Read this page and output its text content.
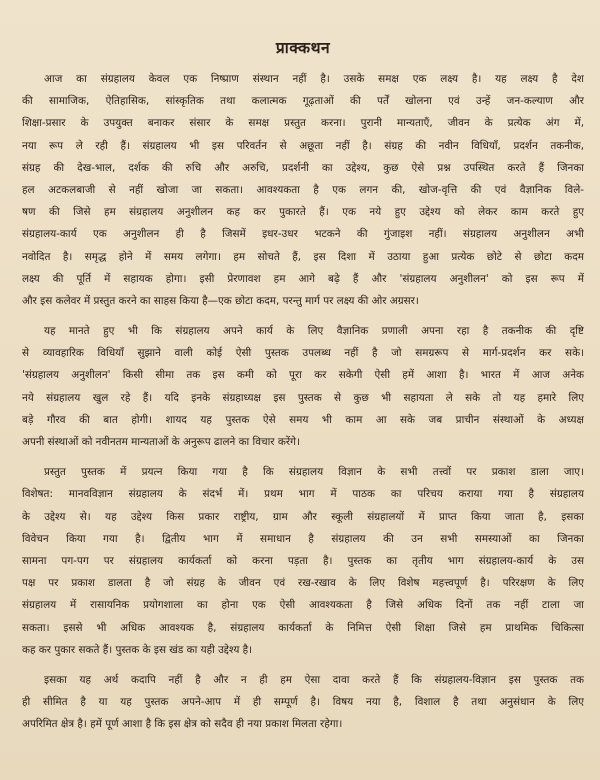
प्राक्कथन
आज का संग्रहालय केवल एक निष्प्राण संस्थान नहीं है। उसके समक्ष एक लक्ष्य है। यह लक्ष्य है देश
की सामाजिक, ऐतिहासिक, सांस्कृतिक तथा कलात्मक गूढ़ताओं की पर्तें खोलना एवं उन्हें जन-कल्याण और
शिक्षा-प्रसार के उपयुक्त बनाकर संसार के समक्ष प्रस्तुत करना। पुरानी मान्यताएँ, जीवन के प्रत्येक अंग में,
नया रूप ले रही हैं। संग्रहालय भी इस परिवर्तन से अछूता नहीं है। संग्रह की नवीन विधियाँ, प्रदर्शन तकनीक,
संग्रह की देख-भाल, दर्शक की रुचि और अरुचि, प्रदर्शनी का उद्देश्य, कुछ ऐसे प्रश्न उपस्थित करते हैं जिनका
हल अटकलबाजी से नहीं खोजा जा सकता। आवश्यकता है एक लगन की, खोज-वृत्ति की एवं वैज्ञानिक विले-
षण की जिसे हम संग्रहालय अनुशीलन कह कर पुकारते हैं। एक नये हुए उद्देश्य को लेकर काम करते हुए
संग्रहालय-कार्य एक अनुशीलन ही है जिसमें इधर-उधर भटकने की गुंजाइश नहीं। संग्रहालय अनुशीलन अभी
नवोदित है। समृद्ध होने में समय लगेगा। हम सोचते हैं, इस दिशा में उठाया हुआ प्रत्येक छोटे से छोटा कदम
लक्ष्य की पूर्ति में सहायक होगा। इसी प्रेरणावश हम आगे बढ़े हैं और 'संग्रहालय अनुशीलन' को इस रूप में
और इस कलेवर में प्रस्तुत करने का साहस किया है—एक छोटा कदम, परन्तु मार्ग पर लक्ष्य की ओर अग्रसर।
यह मानते हुए भी कि संग्रहालय अपने कार्य के लिए वैज्ञानिक प्रणाली अपना रहा है तकनीक की दृष्टि
से व्यावहारिक विधियाँ सुझाने वाली कोई ऐसी पुस्तक उपलब्ध नहीं है जो समग्ररूप से मार्ग-प्रदर्शन कर सके।
'संग्रहालय अनुशीलन' किसी सीमा तक इस कमी को पूरा कर सकेगी ऐसी हमें आशा है। भारत में आज अनेक
नये संग्रहालय खुल रहे हैं। यदि इनके संग्रहाध्यक्ष इस पुस्तक से कुछ भी सहायता ले सके तो यह हमारे लिए
बड़े गौरव की बात होगी। शायद यह पुस्तक ऐसे समय भी काम आ सके जब प्राचीन संस्थाओं के अध्यक्ष
अपनी संस्थाओं को नवीनतम मान्यताओं के अनुरूप ढालने का विचार करेंगे।
प्रस्तुत पुस्तक में प्रयत्न किया गया है कि संग्रहालय विज्ञान के सभी तत्त्वों पर प्रकाश डाला जाए।
विशेषत: मानवविज्ञान संग्रहालय के संदर्भ में। प्रथम भाग में पाठक का परिचय कराया गया है संग्रहालय
के उद्देश्य से। यह उद्देश्य किस प्रकार राष्ट्रीय, ग्राम और स्कूली संग्रहालयों में प्राप्त किया जाता है, इसका
विवेचन किया गया है। द्वितीय भाग में समाधान है संग्रहालय की उन सभी समस्याओं का जिनका
सामना पग-पग पर संग्रहालय कार्यकर्ता को करना पड़ता है। पुस्तक का तृतीय भाग संग्रहालय-कार्य के उस
पक्ष पर प्रकाश डालता है जो संग्रह के जीवन एवं रख-रखाव के लिए विशेष महत्त्वपूर्ण है। परिरक्षण के लिए
संग्रहालय में रासायनिक प्रयोगशाला का होना एक ऐसी आवश्यकता है जिसे अधिक दिनों तक नहीं टाला जा
सकता। इससे भी अधिक आवश्यक है, संग्रहालय कार्यकर्ता के निमित्त ऐसी शिक्षा जिसे हम प्राथमिक चिकित्सा
कह कर पुकार सकते हैं। पुस्तक के इस खंड का यही उद्देश्य है।
इसका यह अर्थ कदापि नहीं है और न ही हम ऐसा दावा करते हैं कि संग्रहालय-विज्ञान इस पुस्तक तक
ही सीमित है या यह पुस्तक अपने-आप में ही सम्पूर्ण है। विषय नया है, विशाल है तथा अनुसंधान के लिए
अपरिमित क्षेत्र है। हमें पूर्ण आशा है कि इस क्षेत्र को सदैव ही नया प्रकाश मिलता रहेगा।
